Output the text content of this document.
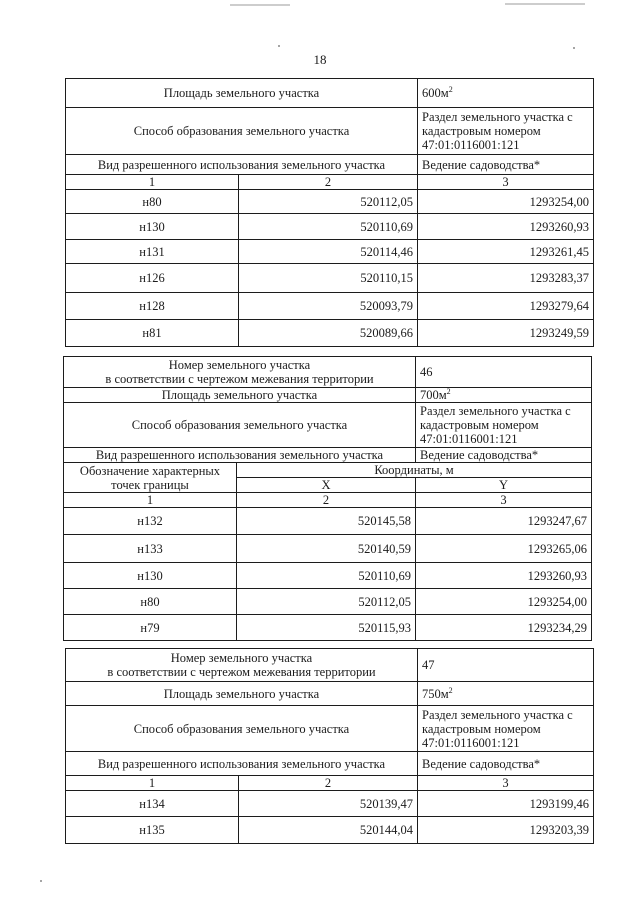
18
Площадь земельного участка		$600м^2$
Способ образования земельного участка		Раздел земельного участка с кадастровым номером 47:01:0116001:121
Вид разрешенного использования земельного участка		Ведение садоводства*
1	2	3
н80	520112,05	1293254,00
н130	520110,69	1293260,93
н131	520114,46	1293261,45
н126	520110,15	1293283,37
н128	520093,79	1293279,64
н81	520089,66	1293249,59
Номер земельного участка
в соответствии с чертежом межевания территории		46
Площадь земельного участка		$700м^2$
Способ образования земельного участка		Раздел земельного участка с кадастровым номером 47:01:0116001:121
Вид разрешенного использования земельного участка		Ведение садоводства*

Обозначение характерных
точек границы	Координаты, м	
	X	Y
1	2	3
н132	520145,58	1293247,67
н133	520140,59	1293265,06
н130	520110,69	1293260,93
н80	520112,05	1293254,00
н79	520115,93	1293234,29
Номер земельного участка
в соответствии с чертежом межевания территории		47
Площадь земельного участка		$750м^2$
Способ образования земельного участка		Раздел земельного участка с кадастровым номером 47:01:0116001:121
Вид разрешенного использования земельного участка		Ведение садоводства*
1	2	3
н134	520139,47	1293199,46
н135	520144,04	1293203,39
